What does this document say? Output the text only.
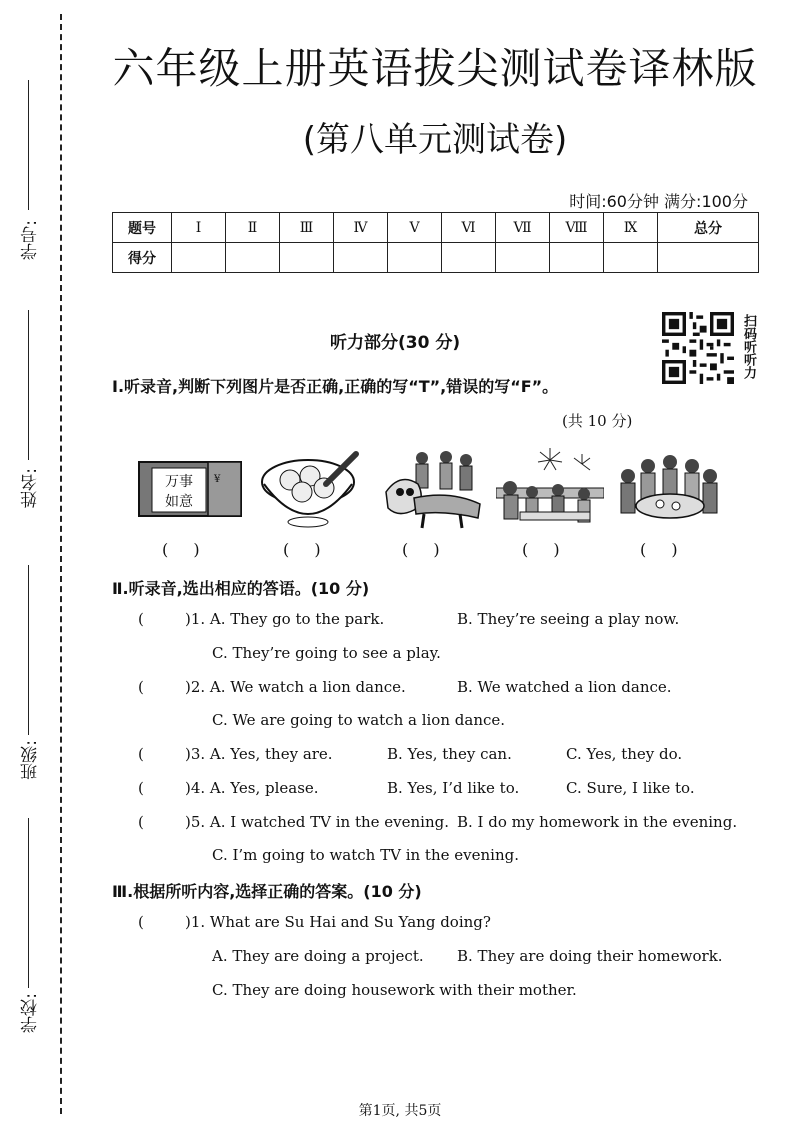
学号:
姓名:
班级:
学校:
六年级上册英语拔尖测试卷译林版
(第八单元测试卷)
时间:60分钟 满分:100分
题号	Ⅰ	Ⅱ	Ⅲ	Ⅳ	Ⅴ	Ⅵ	Ⅶ	Ⅷ	Ⅸ	总分
得分										
扫码听听力
听力部分(30 分)
Ⅰ.听录音,判断下列图片是否正确,正确的写“T”,错误的写“F”。
(共 10 分)
万事
如意
¥
( )	( )	( )	( )	( )
Ⅱ.听录音,选出相应的答语。(10 分)
(	)1. A. They go to the park.	B. They’re seeing a play now.
C. They’re going to see a play.
(	)2. A. We watch a lion dance.	B. We watched a lion dance.
C. We are going to watch a lion dance.
(	)3. A. Yes, they are.	B. Yes, they can.	C. Yes, they do.
(	)4. A. Yes, please.	B. Yes, I’d like to.	C. Sure, I like to.
(	)5. A. I watched TV in the evening. B. I do my homework in the evening.
C. I’m going to watch TV in the evening.
Ⅲ.根据所听内容,选择正确的答案。(10 分)
(	)1. What are Su Hai and Su Yang doing?
A. They are doing a project. B. They are doing their homework.
C. They are doing housework with their mother.
第1页, 共5页
